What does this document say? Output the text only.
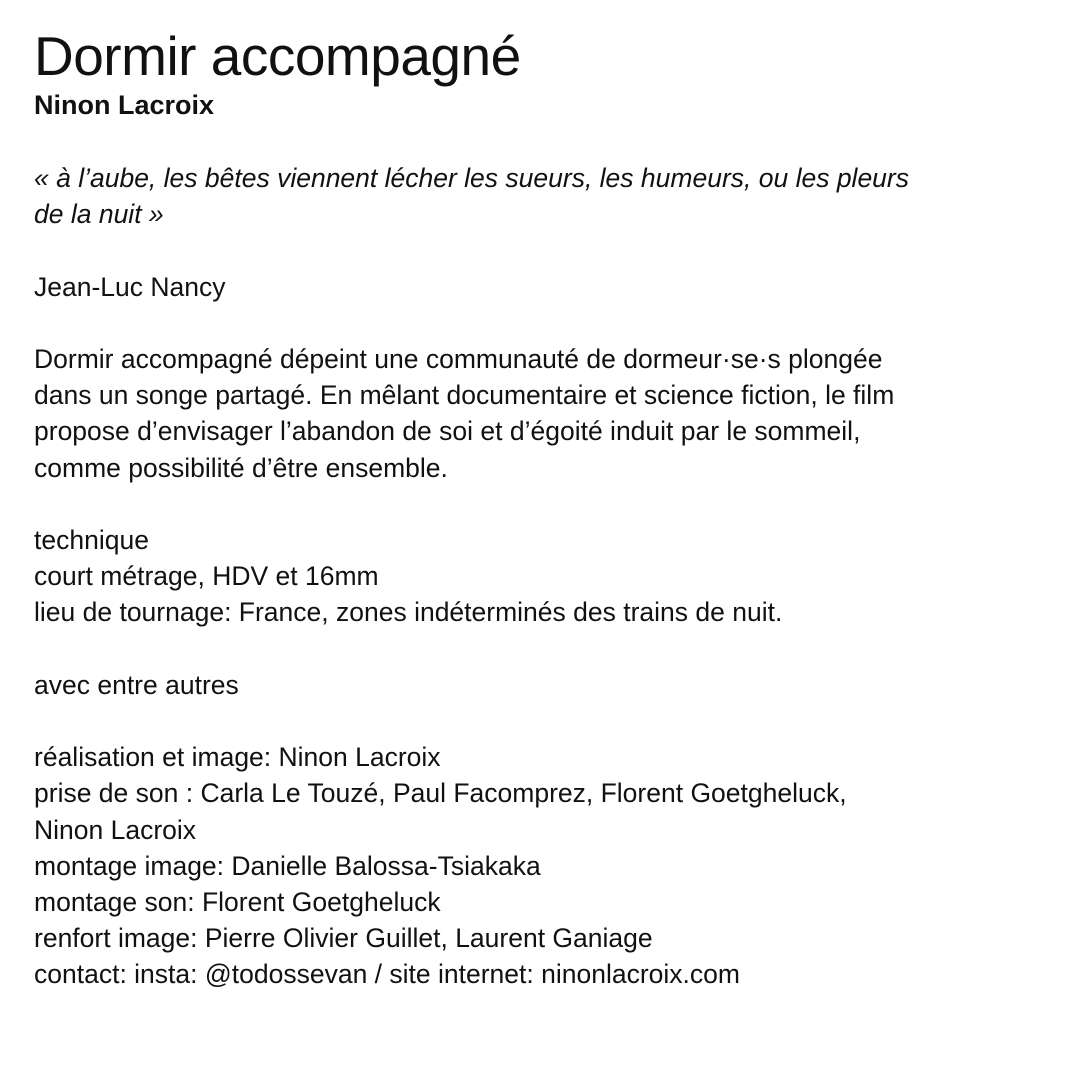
Dormir accompagné
Ninon Lacroix
« à l’aube, les bêtes viennent lécher les sueurs, les humeurs, ou les pleurs
de la nuit »
Jean-Luc Nancy
Dormir accompagné dépeint une communauté de dormeur·se·s plongée
dans un songe partagé. En mêlant documentaire et science fiction, le film
propose d’envisager l’abandon de soi et d’égoité induit par le sommeil,
comme possibilité d’être ensemble.
technique
court métrage, HDV et 16mm
lieu de tournage: France, zones indéterminés des trains de nuit.
avec entre autres
réalisation et image: Ninon Lacroix
prise de son : Carla Le Touzé, Paul Facomprez, Florent Goetgheluck,
Ninon Lacroix
montage image: Danielle Balossa-Tsiakaka
montage son: Florent Goetgheluck
renfort image: Pierre Olivier Guillet, Laurent Ganiage
contact: insta: @todossevan / site internet: ninonlacroix.com
